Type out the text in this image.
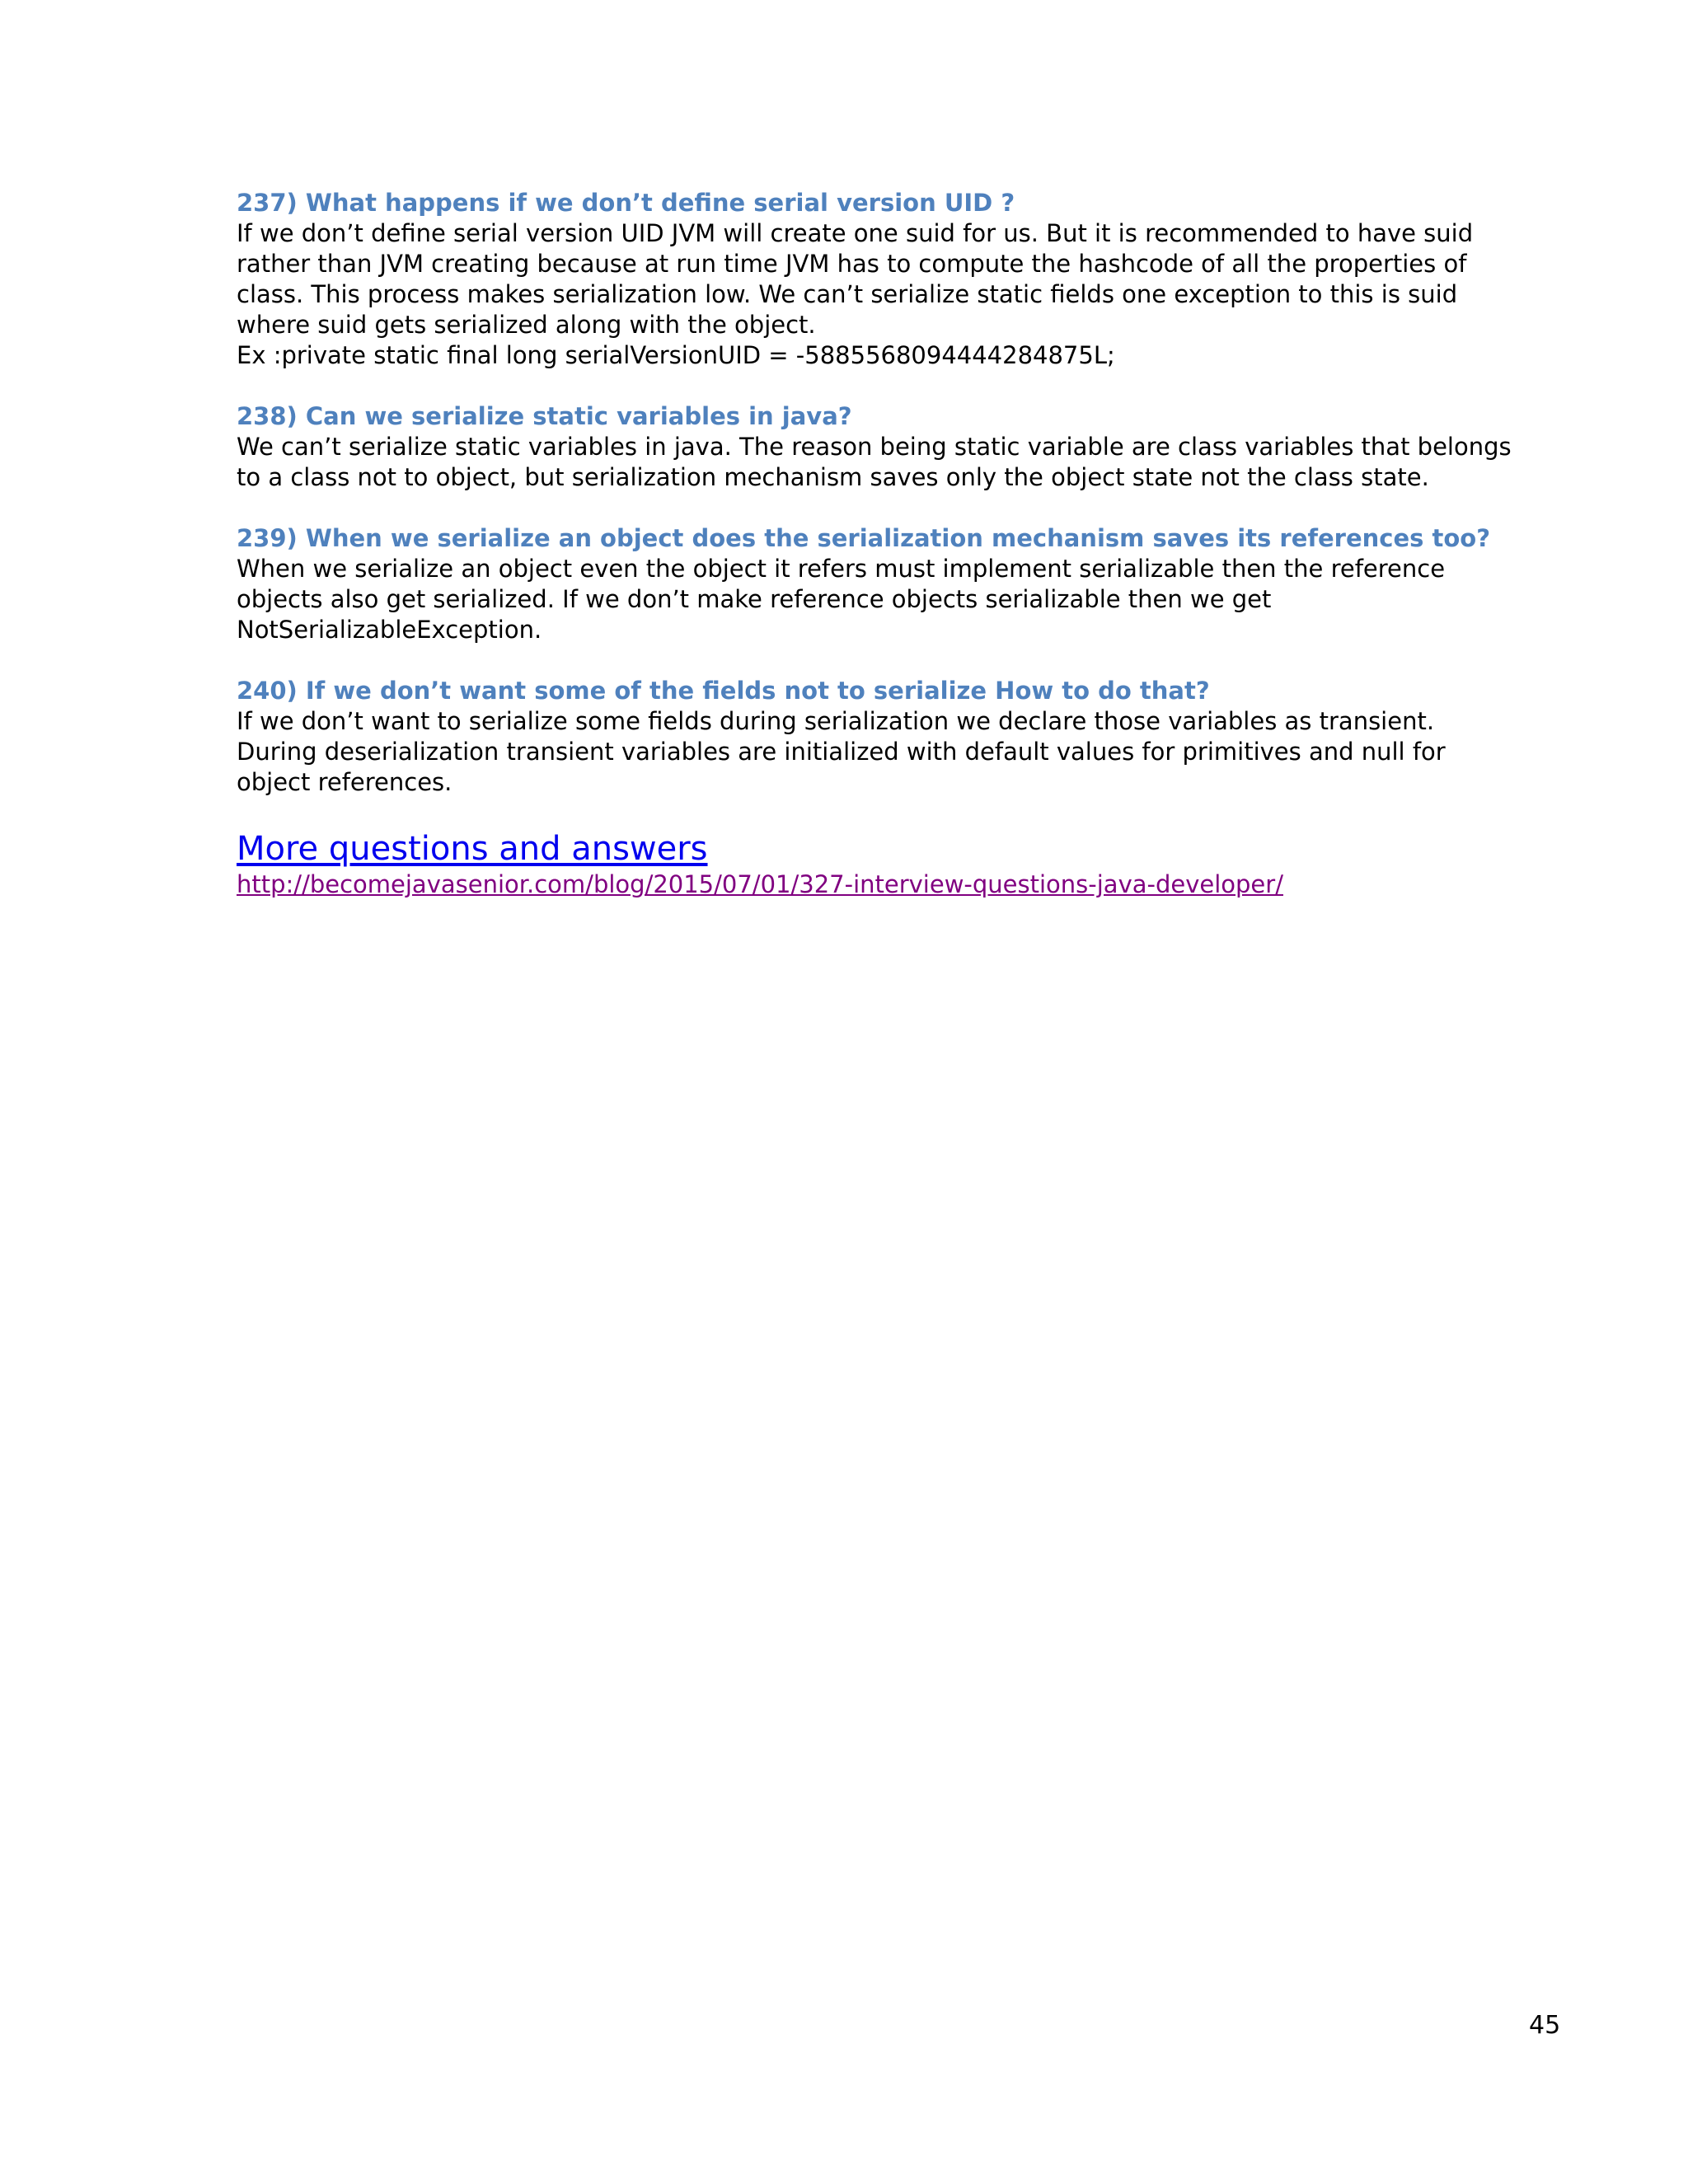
237) What happens if we don’t define serial version UID ?
If we don’t define serial version UID JVM will create one suid for us. But it is recommended to have suid
rather than JVM creating because at run time JVM has to compute the hashcode of all the properties of
class. This process makes serialization low. We can’t serialize static fields one exception to this is suid
where suid gets serialized along with the object.
Ex :private static final long serialVersionUID = -5885568094444284875L;
238) Can we serialize static variables in java?
We can’t serialize static variables in java. The reason being static variable are class variables that belongs
to a class not to object, but serialization mechanism saves only the object state not the class state.
239) When we serialize an object does the serialization mechanism saves its references too?
When we serialize an object even the object it refers must implement serializable then the reference
objects also get serialized. If we don’t make reference objects serializable then we get
NotSerializableException.
240) If we don’t want some of the fields not to serialize How to do that?
If we don’t want to serialize some fields during serialization we declare those variables as transient.
During deserialization transient variables are initialized with default values for primitives and null for
object references.
More questions and answers
http://becomejavasenior.com/blog/2015/07/01/327-interview-questions-java-developer/
45
